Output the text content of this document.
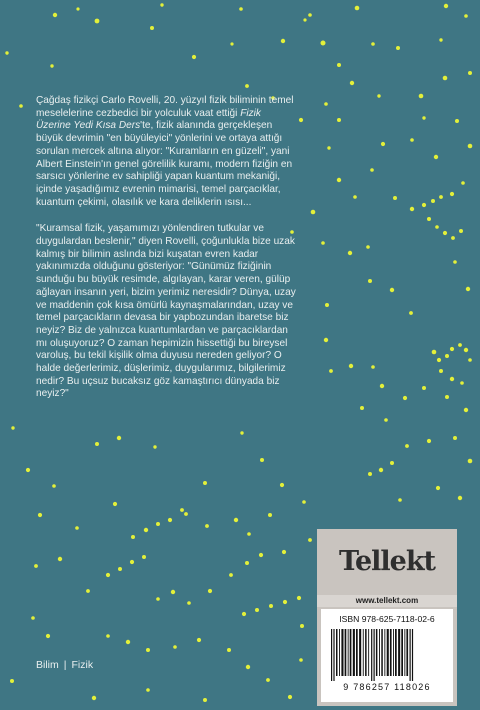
Çağdaş fizikçi Carlo Rovelli, 20. yüzyıl fizik biliminin temel meselelerine cezbedici bir yolculuk vaat ettiği Fizik Üzerine Yedi Kısa Ders'te, fizik alanında gerçekleşen büyük devrimin "en büyüleyici" yönlerini ve ortaya attığı sorulan mercek altına alıyor: "Kuramların en güzeli", yani Albert Einstein'ın genel görelilik kuramı, modern fiziğin en sarsıcı yönlerine ev sahipliği yapan kuantum mekaniği, içinde yaşadığımız evrenin mimarisi, temel parçacıklar, kuantum çekimi, olasılık ve kara deliklerin ısısı...

"Kuramsal fizik, yaşamımızı yönlendiren tutkular ve duygulardan beslenir," diyen Rovelli, çoğunlukla bize uzak kalmış bir bilimin aslında bizi kuşatan evren kadar yakınımızda olduğunu gösteriyor: "Günümüz fiziğinin sunduğu bu büyük resimde, algılayan, karar veren, gülüp ağlayan insanın yeri, bizim yerimiz neresidir? Dünya, uzay ve maddenin çok kısa ömürlü kaynaşmalarından, uzay ve temel parçacıkların devasa bir yapbozundan ibaretse biz neyiz? Biz de yalnızca kuantumlardan ve parçacıklardan mı oluşuyoruz? O zaman hepimizin hissettiği bu bireysel varoluş, bu tekil kişilik olma duyusu nereden geliyor? O halde değerlerimiz, düşlerimiz, duygularımız, bilgilerimiz nedir? Bu uçsuz bucaksız göz kamaştırıcı dünyada biz neyiz?"

Bilim | Fizik
Tellekt
www.tellekt.com
ISBN 978-625-7118-02-6
9 786257 118026
